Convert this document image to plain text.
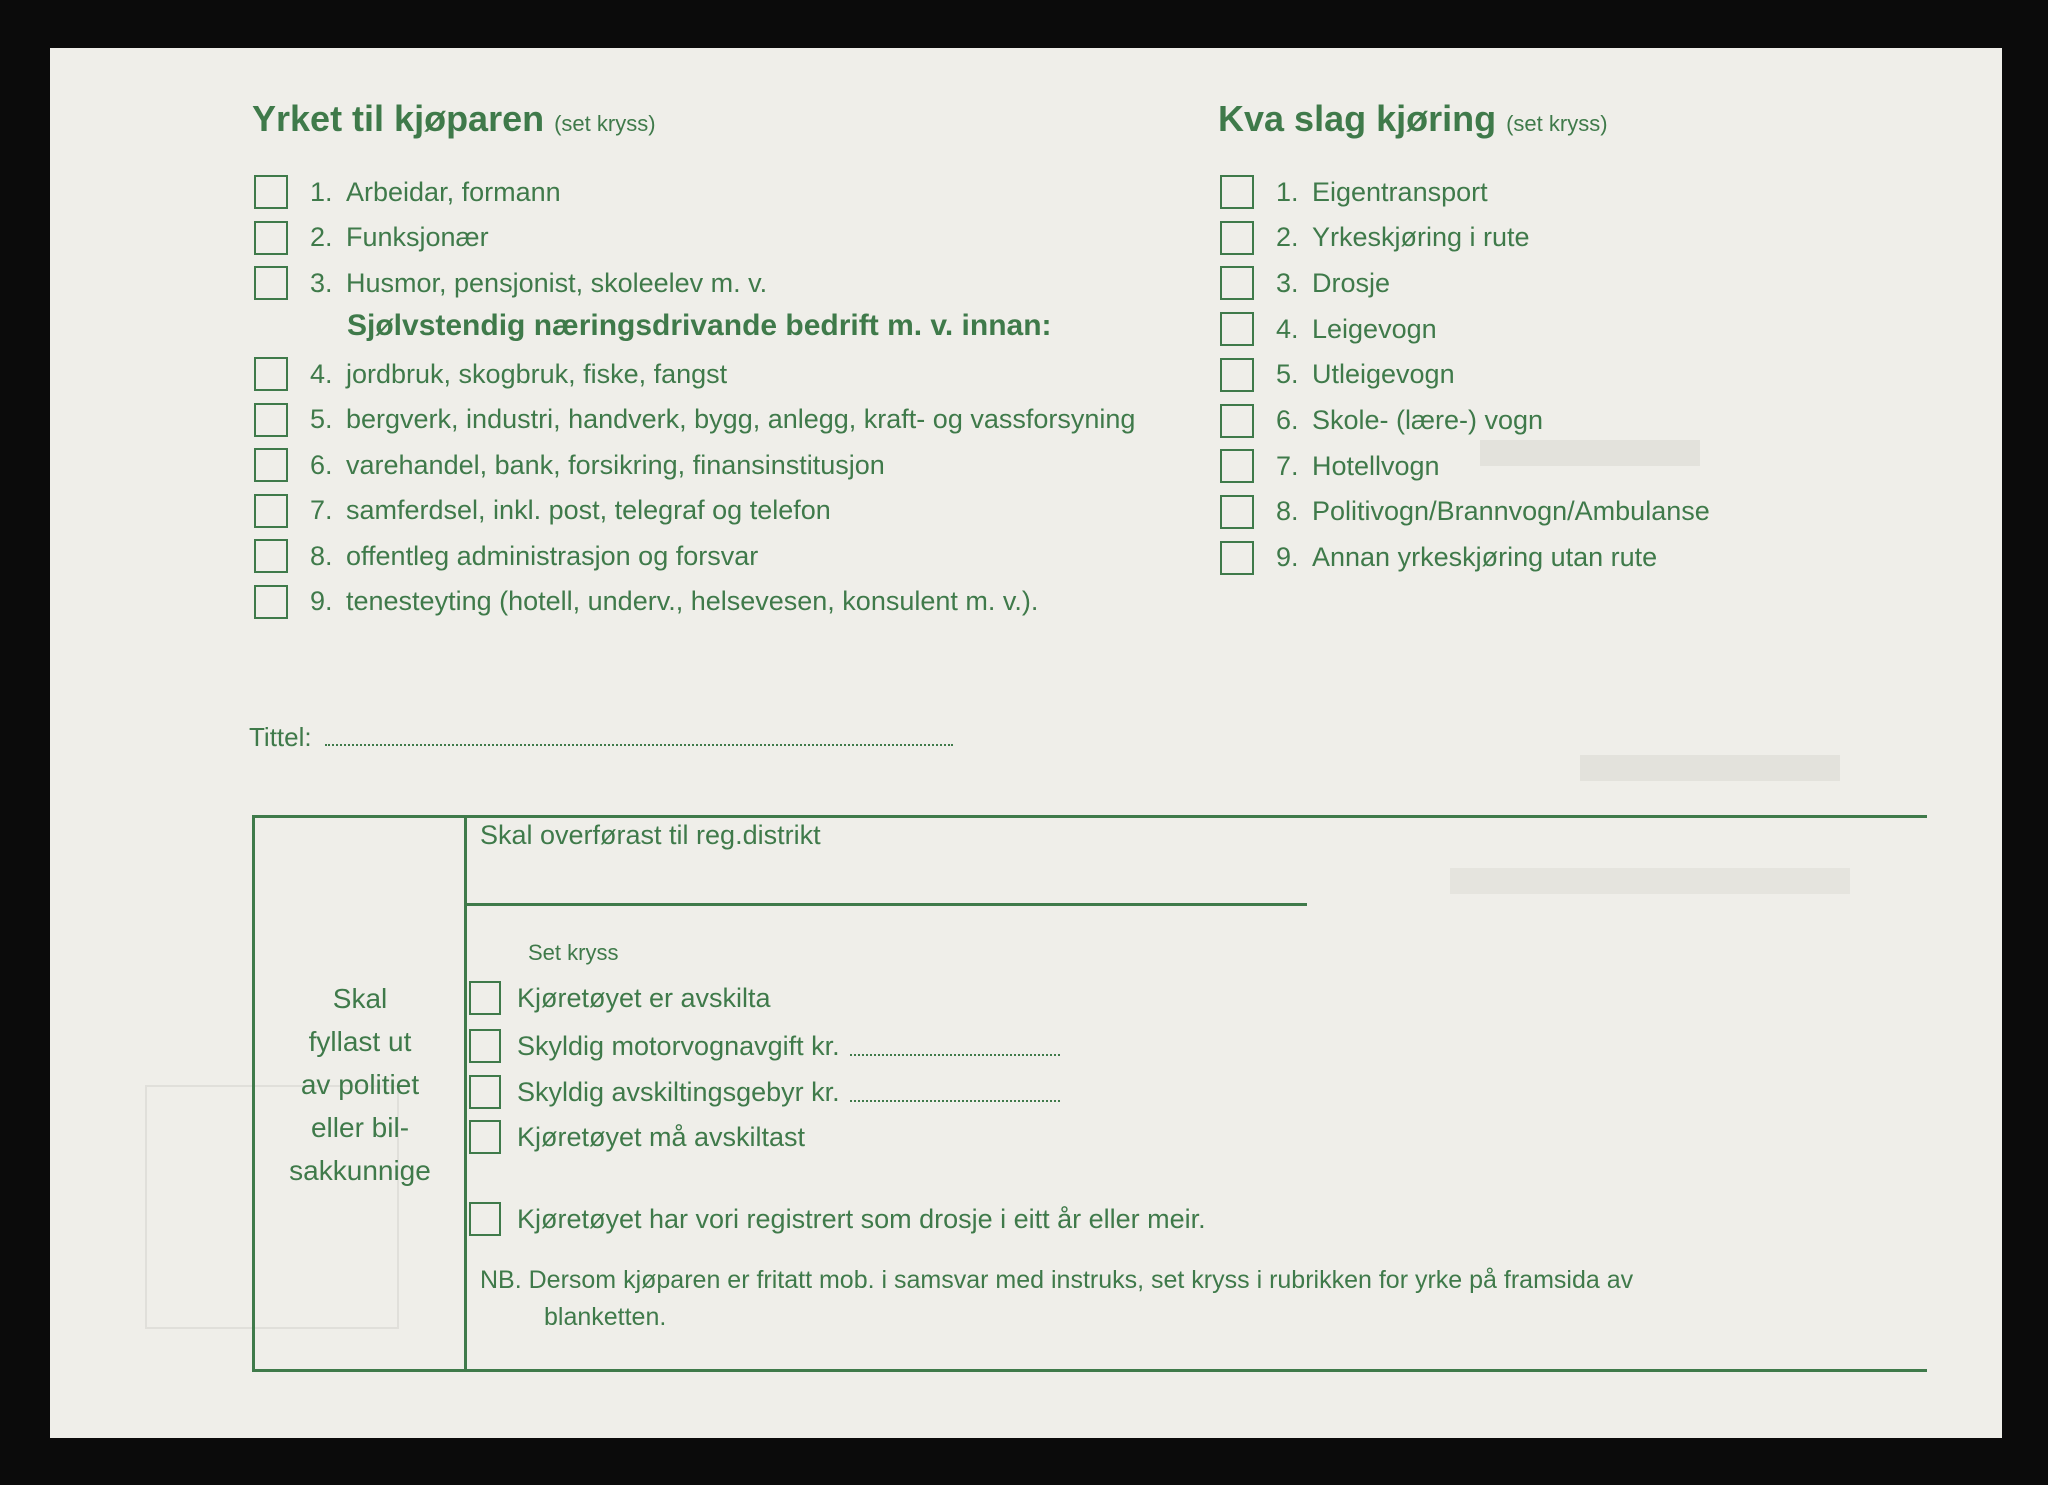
Yrket til kjøparen (set kryss)
1. Arbeidar, formann
2. Funksjonær
3. Husmor, pensjonist, skoleelev m. v.
Sjølvstendig næringsdrivande bedrift m. v. innan:
4. jordbruk, skogbruk, fiske, fangst
5. bergverk, industri, handverk, bygg, anlegg, kraft- og vassforsyning
6. varehandel, bank, forsikring, finansinstitusjon
7. samferdsel, inkl. post, telegraf og telefon
8. offentleg administrasjon og forsvar
9. tenesteyting (hotell, underv., helsevesen, konsulent m. v.).
Kva slag kjøring (set kryss)
1. Eigentransport
2. Yrkeskjøring i rute
3. Drosje
4. Leigevogn
5. Utleigevogn
6. Skole- (lære-) vogn
7. Hotellvogn
8. Politivogn/Brannvogn/Ambulanse
9. Annan yrkeskjøring utan rute
Tittel:
Skal
fyllast ut
av politiet
eller bil-
sakkunnige
Skal overførast til reg.distrikt
Set kryss
Kjøretøyet er avskilta
Skyldig motorvognavgift kr.
Skyldig avskiltingsgebyr kr.
Kjøretøyet må avskiltast
Kjøretøyet har vori registrert som drosje i eitt år eller meir.
NB. Dersom kjøparen er fritatt mob. i samsvar med instruks, set kryss i rubrikken for yrke på framsida av
blanketten.
